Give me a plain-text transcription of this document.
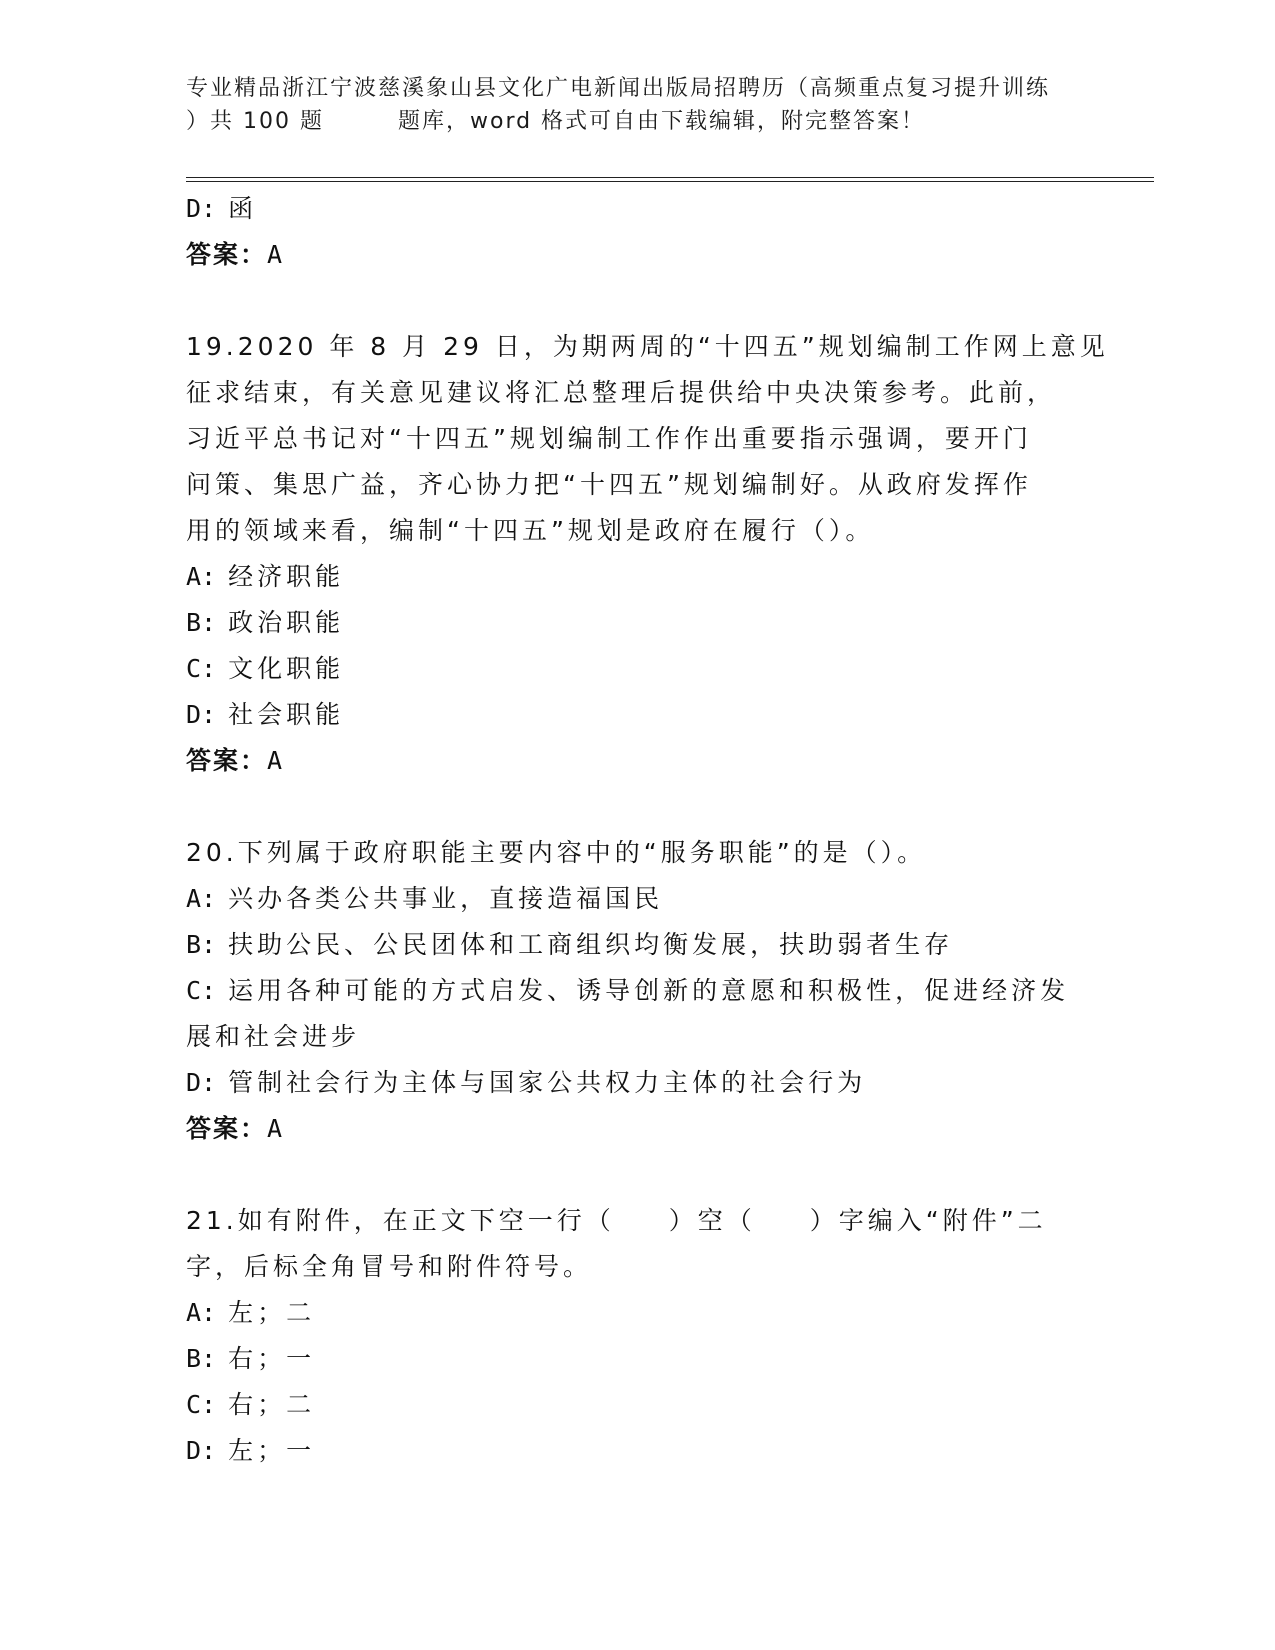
专业精品浙江宁波慈溪象山县文化广电新闻出版局招聘历（高频重点复习提升训练
）共 100 题	题库，word 格式可自由下载编辑，附完整答案！
D: 函
答案：A
19.2020 年 8 月 29 日，为期两周的“十四五”规划编制工作网上意见
征求结束，有关意见建议将汇总整理后提供给中央决策参考。此前，
习近平总书记对“十四五”规划编制工作作出重要指示强调，要开门
问策、集思广益，齐心协力把“十四五”规划编制好。从政府发挥作
用的领域来看，编制“十四五”规划是政府在履行（）。
A: 经济职能
B: 政治职能
C: 文化职能
D: 社会职能
答案：A
20.下列属于政府职能主要内容中的“服务职能”的是（）。
A: 兴办各类公共事业，直接造福国民
B: 扶助公民、公民团体和工商组织均衡发展，扶助弱者生存
C: 运用各种可能的方式启发、诱导创新的意愿和积极性，促进经济发
展和社会进步
D: 管制社会行为主体与国家公共权力主体的社会行为
答案：A
21.如有附件，在正文下空一行（ ）空（ ）字编入“附件”二
字，后标全角冒号和附件符号。
A: 左；二
B: 右；一
C: 右；二
D: 左；一
